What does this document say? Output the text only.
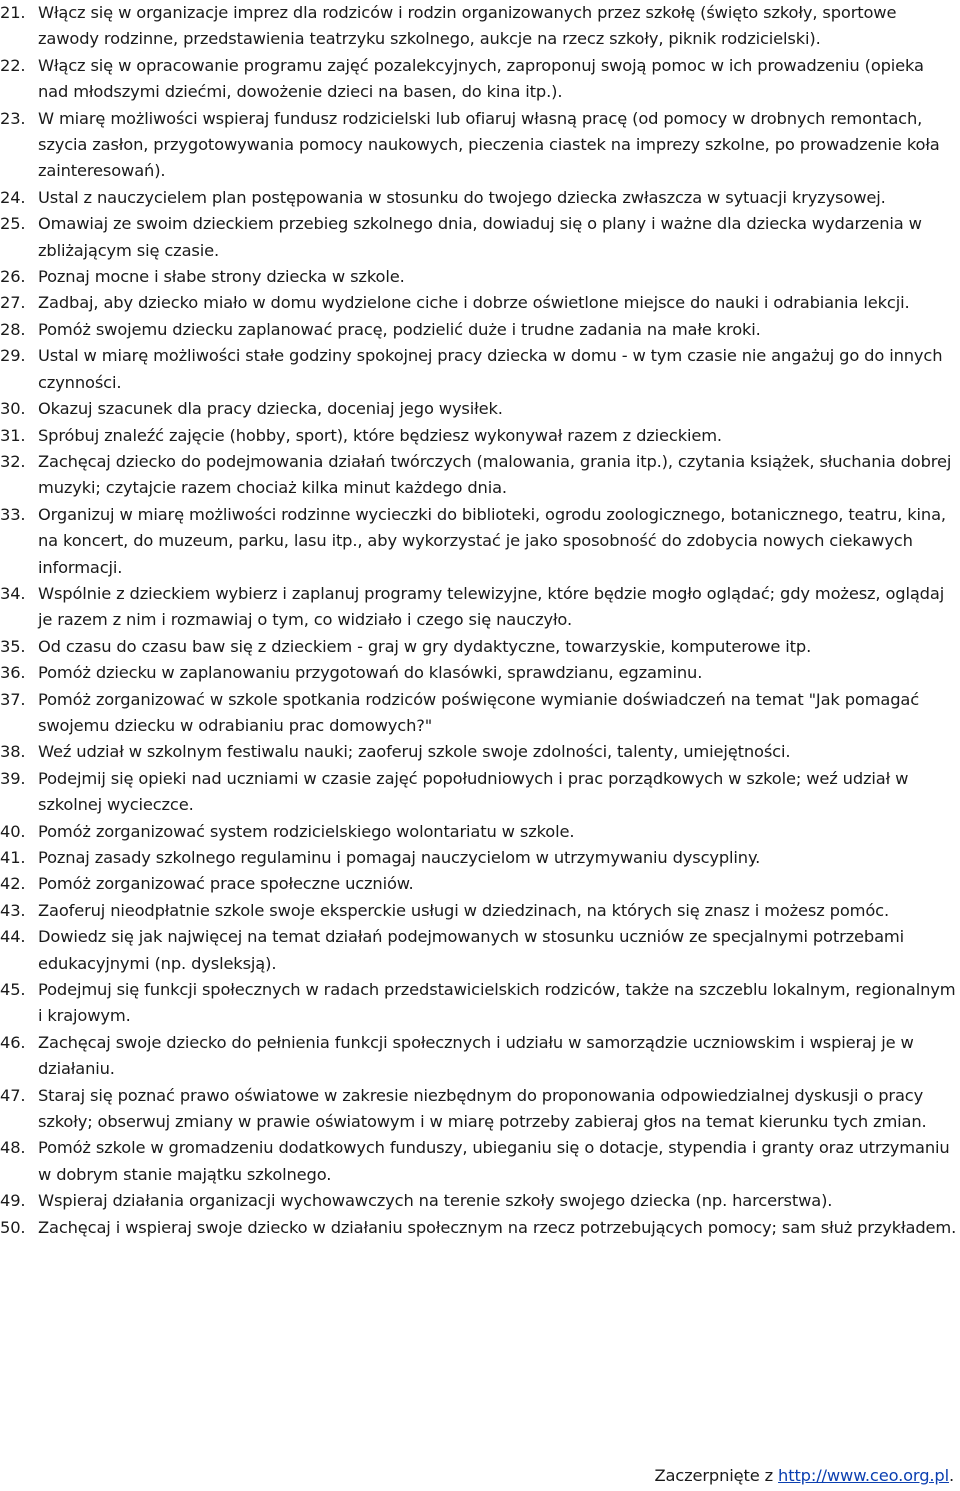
21. Włącz się w organizacje imprez dla rodziców i rodzin organizowanych przez szkołę (święto szkoły, sportowe zawody rodzinne, przedstawienia teatrzyku szkolnego, aukcje na rzecz szkoły, piknik rodzicielski).
22. Włącz się w opracowanie programu zajęć pozalekcyjnych, zaproponuj swoją pomoc w ich prowadzeniu (opieka nad młodszymi dziećmi, dowożenie dzieci na basen, do kina itp.).
23. W miarę możliwości wspieraj fundusz rodzicielski lub ofiaruj własną pracę (od pomocy w drobnych remontach, szycia zasłon, przygotowywania pomocy naukowych, pieczenia ciastek na imprezy szkolne, po prowadzenie koła zainteresowań).
24. Ustal z nauczycielem plan postępowania w stosunku do twojego dziecka zwłaszcza w sytuacji kryzysowej.
25. Omawiaj ze swoim dzieckiem przebieg szkolnego dnia, dowiaduj się o plany i ważne dla dziecka wydarzenia w zbliżającym się czasie.
26. Poznaj mocne i słabe strony dziecka w szkole.
27. Zadbaj, aby dziecko miało w domu wydzielone ciche i dobrze oświetlone miejsce do nauki i odrabiania lekcji.
28. Pomóż swojemu dziecku zaplanować pracę, podzielić duże i trudne zadania na małe kroki.
29. Ustal w miarę możliwości stałe godziny spokojnej pracy dziecka w domu - w tym czasie nie angażuj go do innych czynności.
30. Okazuj szacunek dla pracy dziecka, doceniaj jego wysiłek.
31. Spróbuj znaleźć zajęcie (hobby, sport), które będziesz wykonywał razem z dzieckiem.
32. Zachęcaj dziecko do podejmowania działań twórczych (malowania, grania itp.), czytania książek, słuchania dobrej muzyki; czytajcie razem chociaż kilka minut każdego dnia.
33. Organizuj w miarę możliwości rodzinne wycieczki do biblioteki, ogrodu zoologicznego, botanicznego, teatru, kina, na koncert, do muzeum, parku, lasu itp., aby wykorzystać je jako sposobność do zdobycia nowych ciekawych informacji.
34. Wspólnie z dzieckiem wybierz i zaplanuj programy telewizyjne, które będzie mogło oglądać; gdy możesz, oglądaj je razem z nim i rozmawiaj o tym, co widziało i czego się nauczyło.
35. Od czasu do czasu baw się z dzieckiem - graj w gry dydaktyczne, towarzyskie, komputerowe itp.
36. Pomóż dziecku w zaplanowaniu przygotowań do klasówki, sprawdzianu, egzaminu.
37. Pomóż zorganizować w szkole spotkania rodziców poświęcone wymianie doświadczeń na temat "Jak pomagać swojemu dziecku w odrabianiu prac domowych?"
38. Weź udział w szkolnym festiwalu nauki; zaoferuj szkole swoje zdolności, talenty, umiejętności.
39. Podejmij się opieki nad uczniami w czasie zajęć popołudniowych i prac porządkowych w szkole; weź udział w szkolnej wycieczce.
40. Pomóż zorganizować system rodzicielskiego wolontariatu w szkole.
41. Poznaj zasady szkolnego regulaminu i pomagaj nauczycielom w utrzymywaniu dyscypliny.
42. Pomóż zorganizować prace społeczne uczniów.
43. Zaoferuj nieodpłatnie szkole swoje eksperckie usługi w dziedzinach, na których się znasz i możesz pomóc.
44. Dowiedz się jak najwięcej na temat działań podejmowanych w stosunku uczniów ze specjalnymi potrzebami edukacyjnymi (np. dysleksją).
45. Podejmuj się funkcji społecznych w radach przedstawicielskich rodziców, także na szczeblu lokalnym, regionalnym i krajowym.
46. Zachęcaj swoje dziecko do pełnienia funkcji społecznych i udziału w samorządzie uczniowskim i wspieraj je w działaniu.
47. Staraj się poznać prawo oświatowe w zakresie niezbędnym do proponowania odpowiedzialnej dyskusji o pracy szkoły; obserwuj zmiany w prawie oświatowym i w miarę potrzeby zabieraj głos na temat kierunku tych zmian.
48. Pomóż szkole w gromadzeniu dodatkowych funduszy, ubieganiu się o dotacje, stypendia i granty oraz utrzymaniu w dobrym stanie majątku szkolnego.
49. Wspieraj działania organizacji wychowawczych na terenie szkoły swojego dziecka (np. harcerstwa).
50. Zachęcaj i wspieraj swoje dziecko w działaniu społecznym na rzecz potrzebujących pomocy; sam służ przykładem.
Zaczerpnięte z http://www.ceo.org.pl.
